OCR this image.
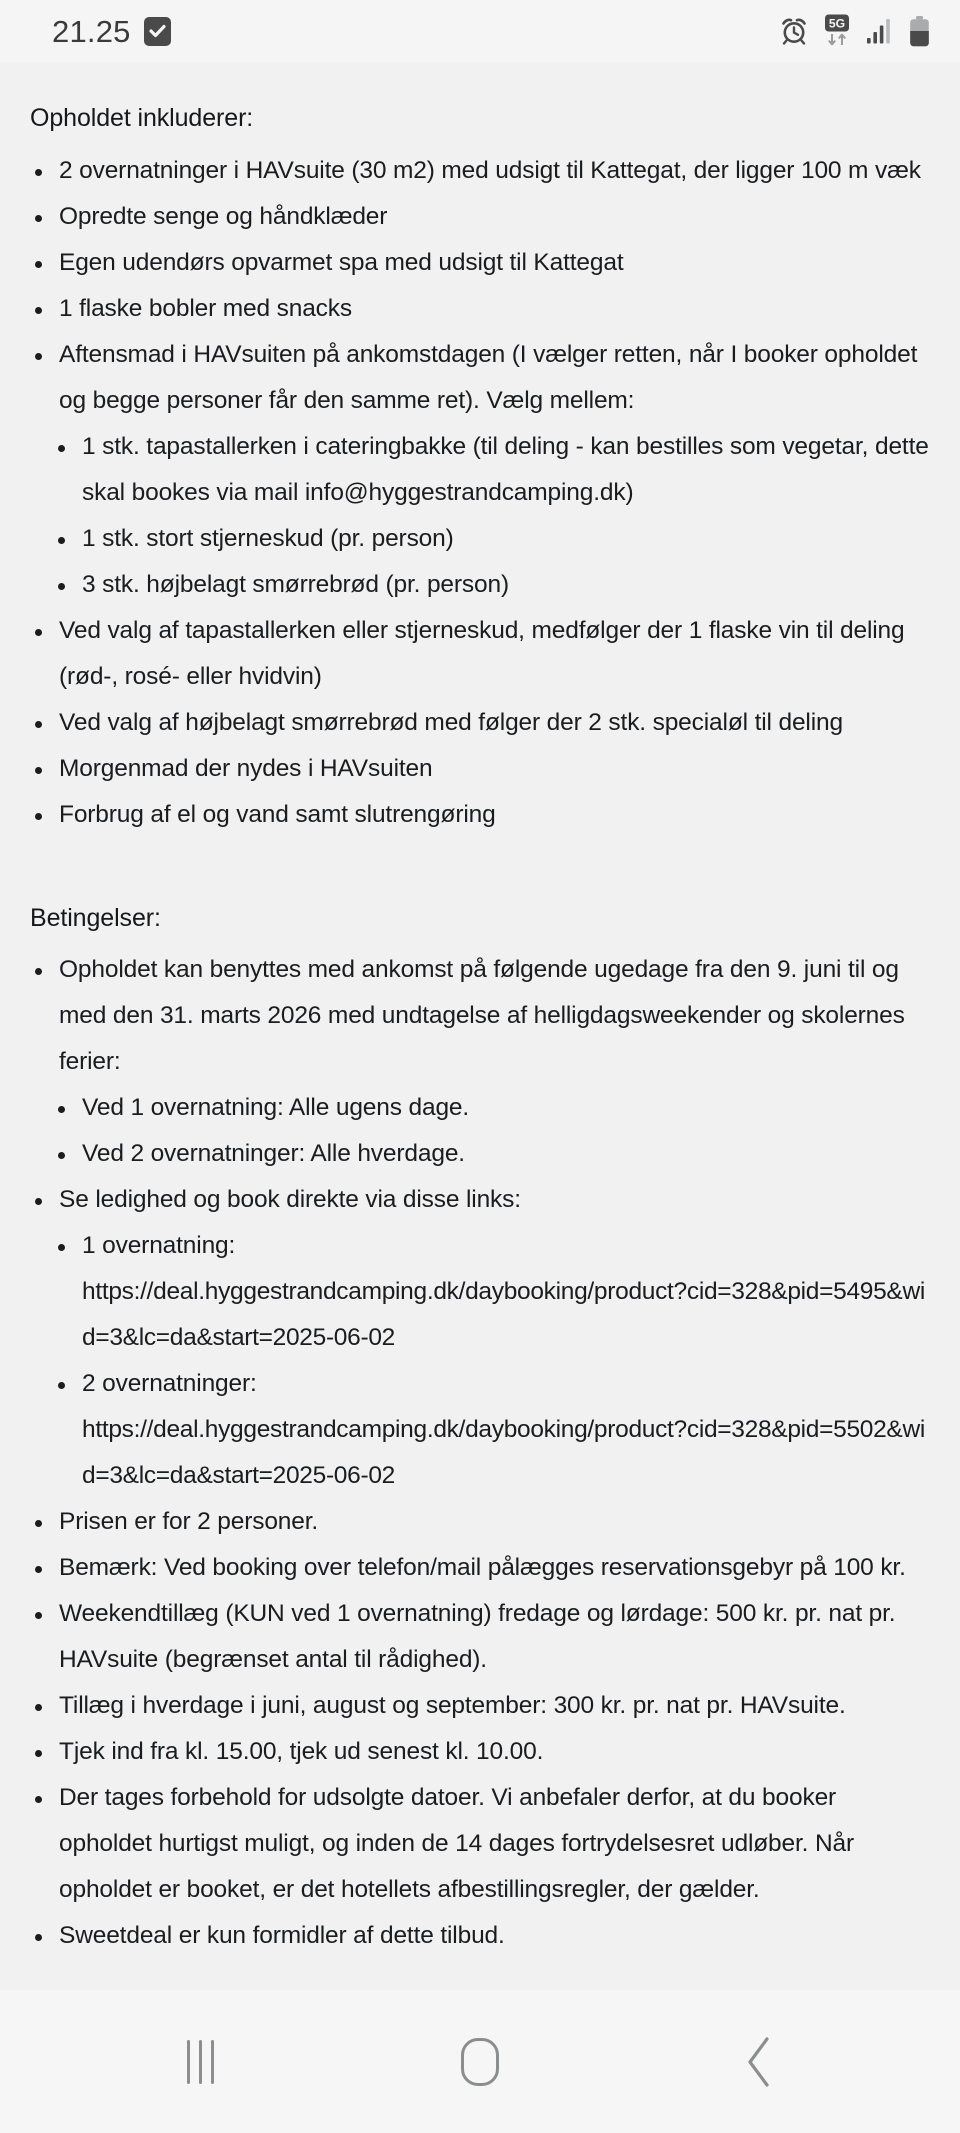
21.25	5G
Opholdet inkluderer:
2 overnatninger i HAVsuite (30 m2) med udsigt til Kattegat, der ligger 100 m væk
Opredte senge og håndklæder
Egen udendørs opvarmet spa med udsigt til Kattegat
1 flaske bobler med snacks
Aftensmad i HAVsuiten på ankomstdagen (I vælger retten, når I booker opholdet og begge personer får den samme ret). Vælg mellem:
1 stk. tapastallerken i cateringbakke (til deling - kan bestilles som vegetar, dette skal bookes via mail info@hyggestrandcamping.dk)
1 stk. stort stjerneskud (pr. person)
3 stk. højbelagt smørrebrød (pr. person)
Ved valg af tapastallerken eller stjerneskud, medfølger der 1 flaske vin til deling (rød-, rosé- eller hvidvin)
Ved valg af højbelagt smørrebrød med følger der 2 stk. specialøl til deling
Morgenmad der nydes i HAVsuiten
Forbrug af el og vand samt slutrengøring
Betingelser:
Opholdet kan benyttes med ankomst på følgende ugedage fra den 9. juni til og med den 31. marts 2026 med undtagelse af helligdagsweekender og skolernes ferier:
Ved 1 overnatning: Alle ugens dage.
Ved 2 overnatninger: Alle hverdage.
Se ledighed og book direkte via disse links:
1 overnatning:
https://deal.hyggestrandcamping.dk/daybooking/product?cid=328&pid=5495&wid=3&lc=da&start=2025-06-02
2 overnatninger:
https://deal.hyggestrandcamping.dk/daybooking/product?cid=328&pid=5502&wid=3&lc=da&start=2025-06-02
Prisen er for 2 personer.
Bemærk: Ved booking over telefon/mail pålægges reservationsgebyr på 100 kr.
Weekendtillæg (KUN ved 1 overnatning) fredage og lørdage: 500 kr. pr. nat pr. HAVsuite (begrænset antal til rådighed).
Tillæg i hverdage i juni, august og september: 300 kr. pr. nat pr. HAVsuite.
Tjek ind fra kl. 15.00, tjek ud senest kl. 10.00.
Der tages forbehold for udsolgte datoer. Vi anbefaler derfor, at du booker opholdet hurtigst muligt, og inden de 14 dages fortrydelsesret udløber. Når opholdet er booket, er det hotellets afbestillingsregler, der gælder.
Sweetdeal er kun formidler af dette tilbud.
